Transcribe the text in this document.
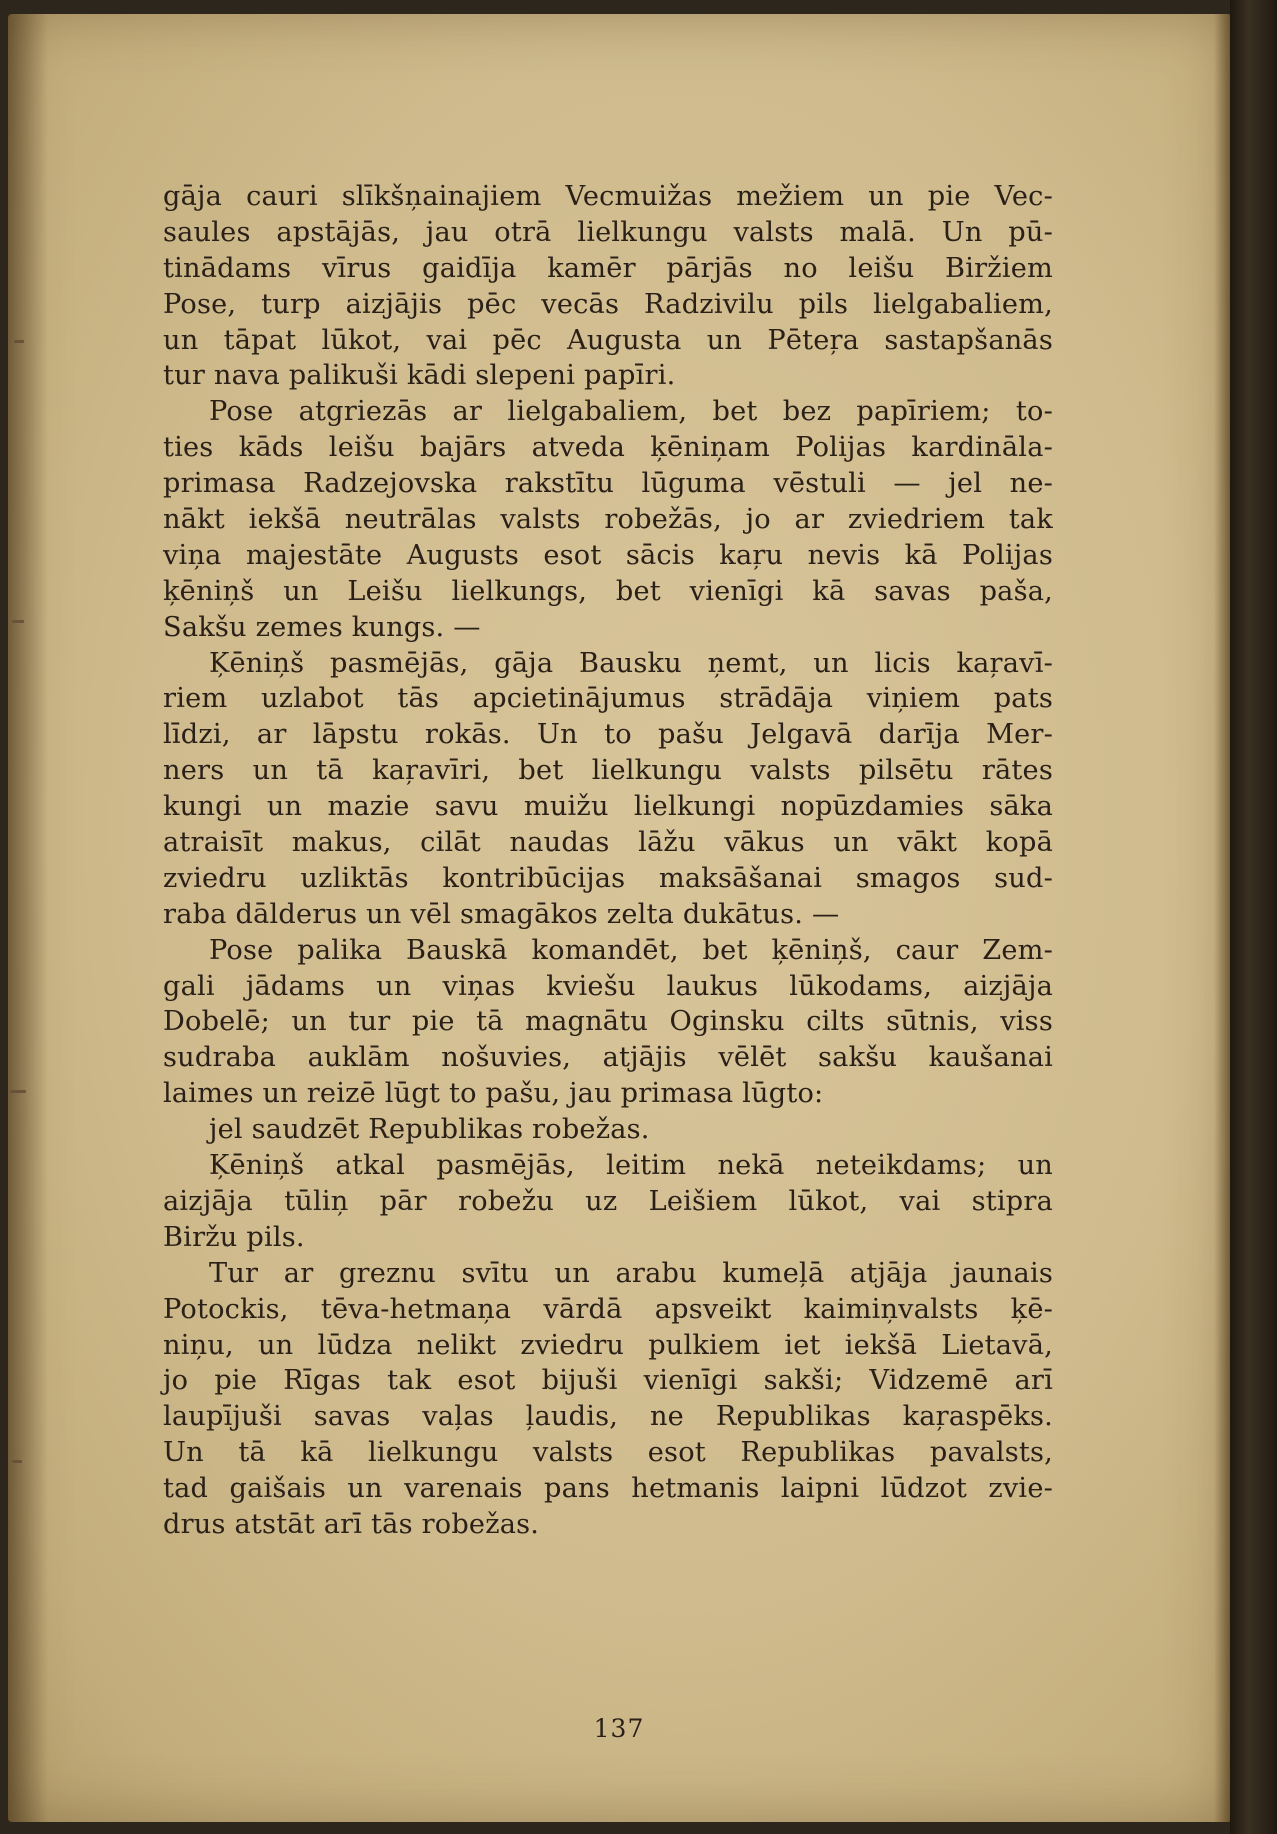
gāja cauri slīkšņainajiem Vecmuižas mežiem un pie Vec-
saules apstājās, jau otrā lielkungu valsts malā. Un pū-
tinādams vīrus gaidīja kamēr pārjās no leišu Biržiem
Pose, turp aizjājis pēc vecās Radzivilu pils lielgabaliem,
un tāpat lūkot, vai pēc Augusta un Pēteŗa sastapšanās
tur nava palikuši kādi slepeni papīri.
Pose atgriezās ar lielgabaliem, bet bez papīriem; to-
ties kāds leišu bajārs atveda ķēniņam Polijas kardināla-
primasa Radzejovska rakstītu lūguma vēstuli — jel ne-
nākt iekšā neutrālas valsts robežās, jo ar zviedriem tak
viņa majestāte Augusts esot sācis kaŗu nevis kā Polijas
ķēniņš un Leišu lielkungs, bet vienīgi kā savas paša,
Sakšu zemes kungs. —
Ķēniņš pasmējās, gāja Bausku ņemt, un licis kaŗavī-
riem uzlabot tās apcietinājumus strādāja viņiem pats
līdzi, ar lāpstu rokās. Un to pašu Jelgavā darīja Mer-
ners un tā kaŗavīri, bet lielkungu valsts pilsētu rātes
kungi un mazie savu muižu lielkungi nopūzdamies sāka
atraisīt makus, cilāt naudas lāžu vākus un vākt kopā
zviedru uzliktās kontribūcijas maksāšanai smagos sud-
raba dālderus un vēl smagākos zelta dukātus. —
Pose palika Bauskā komandēt, bet ķēniņš, caur Zem-
gali jādams un viņas kviešu laukus lūkodams, aizjāja
Dobelē; un tur pie tā magnātu Oginsku cilts sūtnis, viss
sudraba auklām nošuvies, atjājis vēlēt sakšu kaušanai
laimes un reizē lūgt to pašu, jau primasa lūgto:
jel saudzēt Republikas robežas.
Ķēniņš atkal pasmējās, leitim nekā neteikdams; un
aizjāja tūliņ pār robežu uz Leišiem lūkot, vai stipra
Biržu pils.
Tur ar greznu svītu un arabu kumeļā atjāja jaunais
Potockis, tēva-hetmaņa vārdā apsveikt kaimiņvalsts ķē-
niņu, un lūdza nelikt zviedru pulkiem iet iekšā Lietavā,
jo pie Rīgas tak esot bijuši vienīgi sakši; Vidzemē arī
laupījuši savas vaļas ļaudis, ne Republikas kaŗaspēks.
Un tā kā lielkungu valsts esot Republikas pavalsts,
tad gaišais un varenais pans hetmanis laipni lūdzot zvie-
drus atstāt arī tās robežas.
137
